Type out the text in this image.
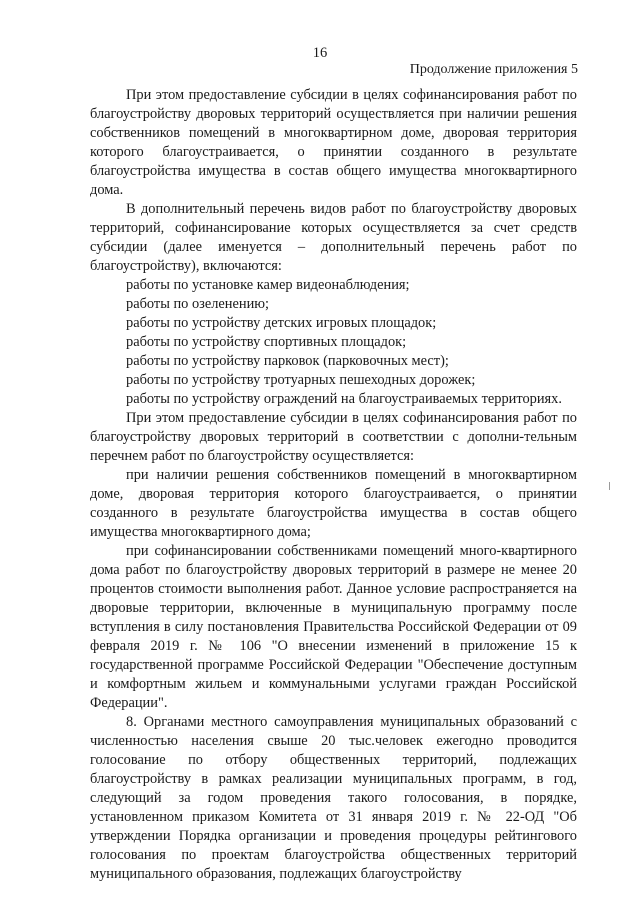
16
Продолжение приложения 5

При этом предоставление субсидии в целях софинансирования работ по благоустройству дворовых территорий осуществляется при наличии решения собственников помещений в многоквартирном доме, дворовая территория которого благоустраивается, о принятии созданного в результате благоустройства имущества в состав общего имущества многоквартирного дома.

В дополнительный перечень видов работ по благоустройству дворовых территорий, софинансирование которых осуществляется за счет средств субсидии (далее именуется – дополнительный перечень работ по благоустройству), включаются:

работы по установке камер видеонаблюдения;

работы по озеленению;

работы по устройству детских игровых площадок;

работы по устройству спортивных площадок;

работы по устройству парковок (парковочных мест);

работы по устройству тротуарных пешеходных дорожек;

работы по устройству ограждений на благоустраиваемых территориях.

При этом предоставление субсидии в целях софинансирования работ по благоустройству дворовых территорий в соответствии с дополни-тельным перечнем работ по благоустройству осуществляется:

при наличии решения собственников помещений в многоквартирном доме, дворовая территория которого благоустраивается, о принятии созданного в результате благоустройства имущества в состав общего имущества многоквартирного дома;

при софинансировании собственниками помещений много-квартирного дома работ по благоустройству дворовых территорий в размере не менее 20 процентов стоимости выполнения работ. Данное условие распространяется на дворовые территории, включенные в муниципальную программу после вступления в силу постановления Правительства Российской Федерации от 09 февраля 2019 г. № 106 "О внесении изменений в приложение 15 к государственной программе Российской Федерации "Обеспечение доступным и комфортным жильем и коммунальными услугами граждан Российской Федерации".

8. Органами местного самоуправления муниципальных образований с численностью населения свыше 20 тыс.человек ежегодно проводится голосование по отбору общественных территорий, подлежащих благоустройству в рамках реализации муниципальных программ, в год, следующий за годом проведения такого голосования, в порядке, установленном приказом Комитета от 31 января 2019 г. № 22-ОД "Об утверждении Порядка организации и проведения процедуры рейтингового голосования по проектам благоустройства общественных территорий муниципального образования, подлежащих благоустройству
